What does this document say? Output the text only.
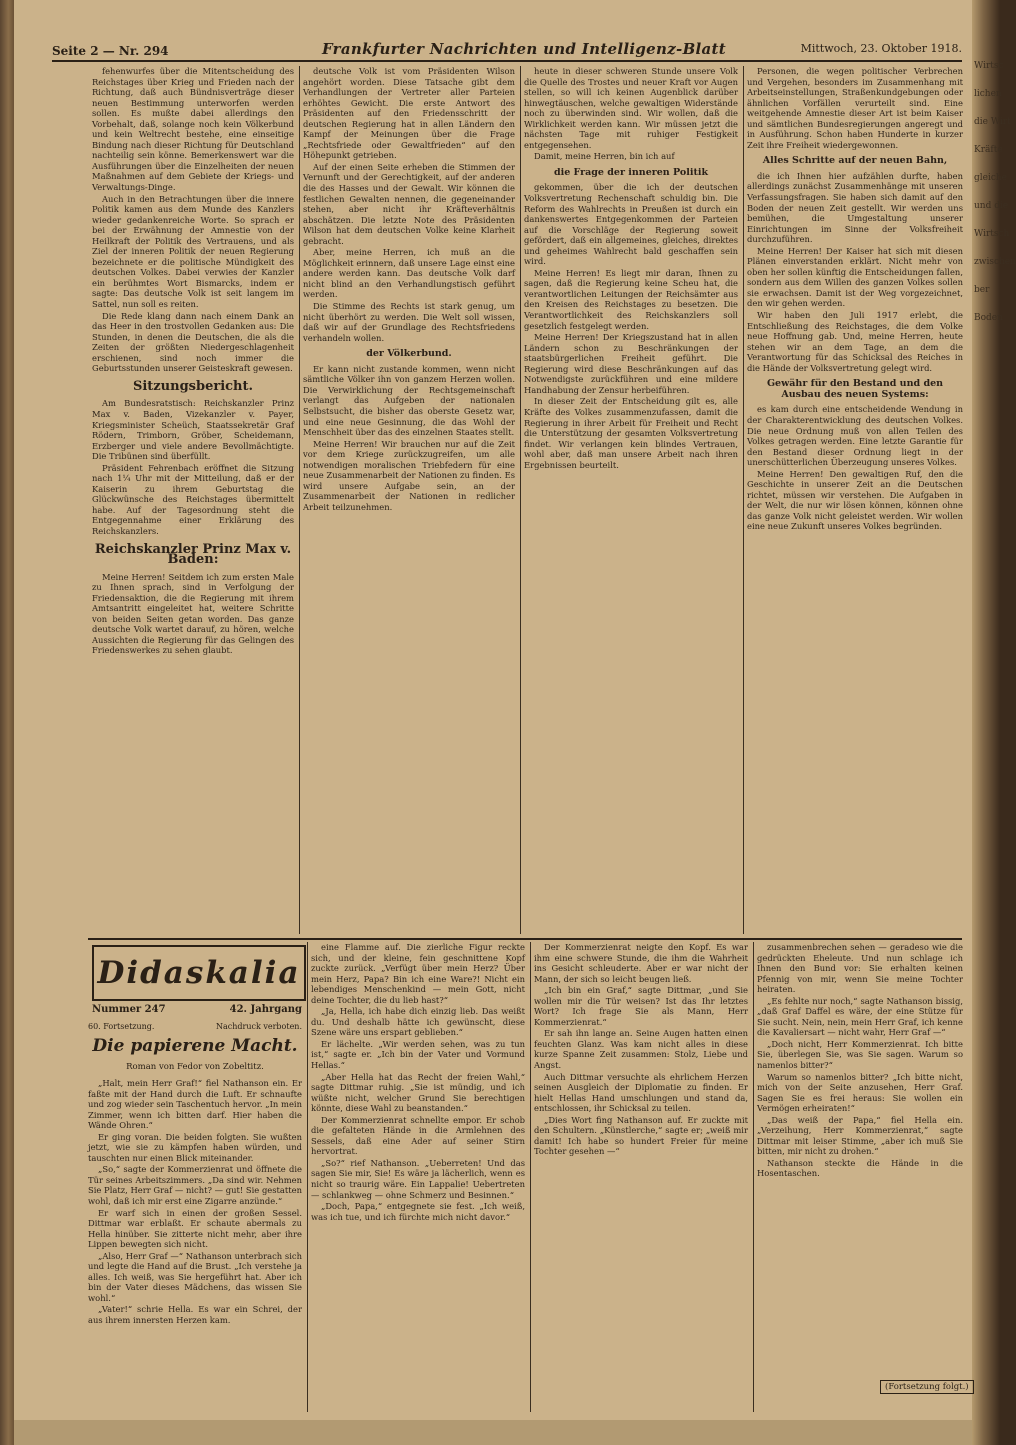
Wirtsc
lichen
die Wirt
Kräfte
gleiche
und die
Wirtsch
zwischen
ber
Boden
Seite 2 — Nr. 294	Frankfurter Nachrichten und Intelligenz-Blatt	Mittwoch, 23. Oktober 1918.

fehenwurfes über die Mitentscheidung des Reichstages über Krieg und Frieden nach der Richtung, daß auch Bündnisverträge dieser neuen Bestimmung unterworfen werden sollen. Es mußte dabei allerdings den Vorbehalt, daß, solange noch kein Völkerbund und kein Weltrecht bestehe, eine einseitige Bindung nach dieser Richtung für Deutschland nachteilig sein könne. Bemerkenswert war die Ausführungen über die Einzelheiten der neuen Maßnahmen auf dem Gebiete der Kriegs- und Verwaltungs-Dinge.

Auch in den Betrachtungen über die innere Politik kamen aus dem Munde des Kanzlers wieder gedankenreiche Worte. So sprach er bei der Erwähnung der Amnestie von der Heilkraft der Politik des Vertrauens, und als Ziel der inneren Politik der neuen Regierung bezeichnete er die politische Mündigkeit des deutschen Volkes. Dabei verwies der Kanzler ein berühmtes Wort Bismarcks, indem er sagte: Das deutsche Volk ist seit langem im Sattel, nun soll es reiten.

Die Rede klang dann nach einem Dank an das Heer in den trostvollen Gedanken aus: Die Stunden, in denen die Deutschen, die als die Zeiten der größten Niedergeschlagenheit erschienen, sind noch immer die Geburtsstunden unserer Geisteskraft gewesen.

Sitzungsbericht.

Am Bundesratstisch: Reichskanzler Prinz Max v. Baden, Vizekanzler v. Payer, Kriegsminister Scheüch, Staatssekretär Graf Rödern, Trimborn, Gröber, Scheidemann, Erzberger und viele andere Bevollmächtigte. Die Tribünen sind überfüllt.

Präsident Fehrenbach eröffnet die Sitzung nach 1¼ Uhr mit der Mitteilung, daß er der Kaiserin zu ihrem Geburtstag die Glückwünsche des Reichstages übermittelt habe. Auf der Tagesordnung steht die Entgegennahme einer Erklärung des Reichskanzlers.

Reichskanzler Prinz Max v. Baden:

Meine Herren! Seitdem ich zum ersten Male zu Ihnen sprach, sind in Verfolgung der Friedensaktion, die die Regierung mit ihrem Amtsantritt eingeleitet hat, weitere Schritte von beiden Seiten getan worden. Das ganze deutsche Volk wartet darauf, zu hören, welche Aussichten die Regierung für das Gelingen des Friedenswerkes zu sehen glaubt.

deutsche Volk ist vom Präsidenten Wilson angehört worden. Diese Tatsache gibt dem Verhandlungen der Vertreter aller Parteien erhöhtes Gewicht. Die erste Antwort des Präsidenten auf den Friedensschritt der deutschen Regierung hat in allen Ländern den Kampf der Meinungen über die Frage „Rechtsfriede oder Gewaltfrieden“ auf den Höhepunkt getrieben.

Auf der einen Seite erheben die Stimmen der Vernunft und der Gerechtigkeit, auf der anderen die des Hasses und der Gewalt. Wir können die festlichen Gewalten nennen, die gegeneinander stehen, aber nicht ihr Kräfteverhältnis abschätzen. Die letzte Note des Präsidenten Wilson hat dem deutschen Volke keine Klarheit gebracht.

Aber, meine Herren, ich muß an die Möglichkeit erinnern, daß unsere Lage einst eine andere werden kann. Das deutsche Volk darf nicht blind an den Verhandlungstisch geführt werden.

Die Stimme des Rechts ist stark genug, um nicht überhört zu werden. Die Welt soll wissen, daß wir auf der Grundlage des Rechtsfriedens verhandeln wollen.

der Völkerbund.

Er kann nicht zustande kommen, wenn nicht sämtliche Völker ihn von ganzem Herzen wollen. Die Verwirklichung der Rechtsgemeinschaft verlangt das Aufgeben der nationalen Selbstsucht, die bisher das oberste Gesetz war, und eine neue Gesinnung, die das Wohl der Menschheit über das des einzelnen Staates stellt.

Meine Herren! Wir brauchen nur auf die Zeit vor dem Kriege zurückzugreifen, um alle notwendigen moralischen Triebfedern für eine neue Zusammenarbeit der Nationen zu finden. Es wird unsere Aufgabe sein, an der Zusammenarbeit der Nationen in redlicher Arbeit teilzunehmen.

heute in dieser schweren Stunde unsere Volk die Quelle des Trostes und neuer Kraft vor Augen stellen, so will ich keinen Augenblick darüber hinwegtäuschen, welche gewaltigen Widerstände noch zu überwinden sind. Wir wollen, daß die Wirklichkeit werden kann. Wir müssen jetzt die nächsten Tage mit ruhiger Festigkeit entgegensehen.

Damit, meine Herren, bin ich auf

die Frage der inneren Politik

gekommen, über die ich der deutschen Volksvertretung Rechenschaft schuldig bin. Die Reform des Wahlrechts in Preußen ist durch ein dankenswertes Entgegenkommen der Parteien auf die Vorschläge der Regierung soweit gefördert, daß ein allgemeines, gleiches, direktes und geheimes Wahlrecht bald geschaffen sein wird.

Meine Herren! Es liegt mir daran, Ihnen zu sagen, daß die Regierung keine Scheu hat, die verantwortlichen Leitungen der Reichsämter aus den Kreisen des Reichstages zu besetzen. Die Verantwortlichkeit des Reichskanzlers soll gesetzlich festgelegt werden.

Meine Herren! Der Kriegszustand hat in allen Ländern schon zu Beschränkungen der staatsbürgerlichen Freiheit geführt. Die Regierung wird diese Beschränkungen auf das Notwendigste zurückführen und eine mildere Handhabung der Zensur herbeiführen.

In dieser Zeit der Entscheidung gilt es, alle Kräfte des Volkes zusammenzufassen, damit die Regierung in ihrer Arbeit für Freiheit und Recht die Unterstützung der gesamten Volksvertretung findet. Wir verlangen kein blindes Vertrauen, wohl aber, daß man unsere Arbeit nach ihren Ergebnissen beurteilt.

Personen, die wegen politischer Verbrechen und Vergehen, besonders im Zusammenhang mit Arbeitseinstellungen, Straßenkundgebungen oder ähnlichen Vorfällen verurteilt sind. Eine weitgehende Amnestie dieser Art ist beim Kaiser und sämtlichen Bundesregierungen angeregt und in Ausführung. Schon haben Hunderte in kurzer Zeit ihre Freiheit wiedergewonnen.

Alles Schritte auf der neuen Bahn,

die ich Ihnen hier aufzählen durfte, haben allerdings zunächst Zusammenhänge mit unseren Verfassungsfragen. Sie haben sich damit auf den Boden der neuen Zeit gestellt. Wir werden uns bemühen, die Umgestaltung unserer Einrichtungen im Sinne der Volksfreiheit durchzuführen.

Meine Herren! Der Kaiser hat sich mit diesen Plänen einverstanden erklärt. Nicht mehr von oben her sollen künftig die Entscheidungen fallen, sondern aus dem Willen des ganzen Volkes sollen sie erwachsen. Damit ist der Weg vorgezeichnet, den wir gehen werden.

Wir haben den Juli 1917 erlebt, die Entschließung des Reichstages, die dem Volke neue Hoffnung gab. Und, meine Herren, heute stehen wir an dem Tage, an dem die Verantwortung für das Schicksal des Reiches in die Hände der Volksvertretung gelegt wird.

Gewähr für den Bestand und den Ausbau des neuen Systems:

es kam durch eine entscheidende Wendung in der Charakterentwicklung des deutschen Volkes. Die neue Ordnung muß von allen Teilen des Volkes getragen werden. Eine letzte Garantie für den Bestand dieser Ordnung liegt in der unerschütterlichen Überzeugung unseres Volkes.

Meine Herren! Den gewaltigen Ruf, den die Geschichte in unserer Zeit an die Deutschen richtet, müssen wir verstehen. Die Aufgaben in der Welt, die nur wir lösen können, können ohne das ganze Volk nicht geleistet werden. Wir wollen eine neue Zukunft unseres Volkes begründen.

Didaskalia
Nummer 247	42. Jahrgang
60. Fortsetzung.	Nachdruck verboten.
Die papierene Macht.
Roman von Fedor von Zobeltitz.

„Halt, mein Herr Graf!“ fiel Nathanson ein. Er faßte mit der Hand durch die Luft. Er schnaufte und zog wieder sein Taschentuch hervor. „In mein Zimmer, wenn ich bitten darf. Hier haben die Wände Ohren.“

Er ging voran. Die beiden folgten. Sie wußten jetzt, wie sie zu kämpfen haben würden, und tauschten nur einen Blick miteinander.

„So,“ sagte der Kommerzienrat und öffnete die Tür seines Arbeitszimmers. „Da sind wir. Nehmen Sie Platz, Herr Graf — nicht? — gut! Sie gestatten wohl, daß ich mir erst eine Zigarre anzünde.“

Er warf sich in einen der großen Sessel. Dittmar war erblaßt. Er schaute abermals zu Hella hinüber. Sie zitterte nicht mehr, aber ihre Lippen bewegten sich nicht.

„Also, Herr Graf —“ Nathanson unterbrach sich und legte die Hand auf die Brust. „Ich verstehe ja alles. Ich weiß, was Sie hergeführt hat. Aber ich bin der Vater dieses Mädchens, das wissen Sie wohl.“

„Vater!“ schrie Hella. Es war ein Schrei, der aus ihrem innersten Herzen kam.

eine Flamme auf. Die zierliche Figur reckte sich, und der kleine, fein geschnittene Kopf zuckte zurück. „Verfügt über mein Herz? Über mein Herz, Papa? Bin ich eine Ware?! Nicht ein lebendiges Menschenkind — mein Gott, nicht deine Tochter, die du lieb hast?“

„Ja, Hella, ich habe dich einzig lieb. Das weißt du. Und deshalb hätte ich gewünscht, diese Szene wäre uns erspart geblieben.“

Er lächelte. „Wir werden sehen, was zu tun ist,“ sagte er. „Ich bin der Vater und Vormund Hellas.“

„Aber Hella hat das Recht der freien Wahl,“ sagte Dittmar ruhig. „Sie ist mündig, und ich wüßte nicht, welcher Grund Sie berechtigen könnte, diese Wahl zu beanstanden.“

Der Kommerzienrat schnellte empor. Er schob die gefalteten Hände in die Armlehnen des Sessels, daß eine Ader auf seiner Stirn hervortrat.

„So?“ rief Nathanson. „Ueberreten! Und das sagen Sie mir, Sie! Es wäre ja lächerlich, wenn es nicht so traurig wäre. Ein Lappalie! Uebertreten — schlankweg — ohne Schmerz und Besinnen.“

„Doch, Papa,“ entgegnete sie fest. „Ich weiß, was ich tue, und ich fürchte mich nicht davor.“

Der Kommerzienrat neigte den Kopf. Es war ihm eine schwere Stunde, die ihm die Wahrheit ins Gesicht schleuderte. Aber er war nicht der Mann, der sich so leicht beugen ließ.

„Ich bin ein Graf,“ sagte Dittmar, „und Sie wollen mir die Tür weisen? Ist das Ihr letztes Wort? Ich frage Sie als Mann, Herr Kommerzienrat.“

Er sah ihn lange an. Seine Augen hatten einen feuchten Glanz. Was kam nicht alles in diese kurze Spanne Zeit zusammen: Stolz, Liebe und Angst.

Auch Dittmar versuchte als ehrlichem Herzen seinen Ausgleich der Diplomatie zu finden. Er hielt Hellas Hand umschlungen und stand da, entschlossen, ihr Schicksal zu teilen.

„Dies Wort fing Nathanson auf. Er zuckte mit den Schultern. „Künstlerche,“ sagte er; „weiß mir damit! Ich habe so hundert Freier für meine Tochter gesehen —“

zusammenbrechen sehen — geradeso wie die gedrückten Eheleute. Und nun schlage ich Ihnen den Bund vor: Sie erhalten keinen Pfennig von mir, wenn Sie meine Tochter heiraten.

„Es fehlte nur noch,“ sagte Nathanson bissig, „daß Graf Daffel es wäre, der eine Stütze für Sie sucht. Nein, nein, mein Herr Graf, ich kenne die Kavaliersart — nicht wahr, Herr Graf —“

„Doch nicht, Herr Kommerzienrat. Ich bitte Sie, überlegen Sie, was Sie sagen. Warum so namenlos bitter?“

Warum so namenlos bitter? „Ich bitte nicht, mich von der Seite anzusehen, Herr Graf. Sagen Sie es frei heraus: Sie wollen ein Vermögen erheiraten!“

„Das weiß der Papa,“ fiel Hella ein. „Verzeihung, Herr Kommerzienrat,“ sagte Dittmar mit leiser Stimme, „aber ich muß Sie bitten, mir nicht zu drohen.“

Nathanson steckte die Hände in die Hosentaschen.

(Fortsetzung folgt.)
